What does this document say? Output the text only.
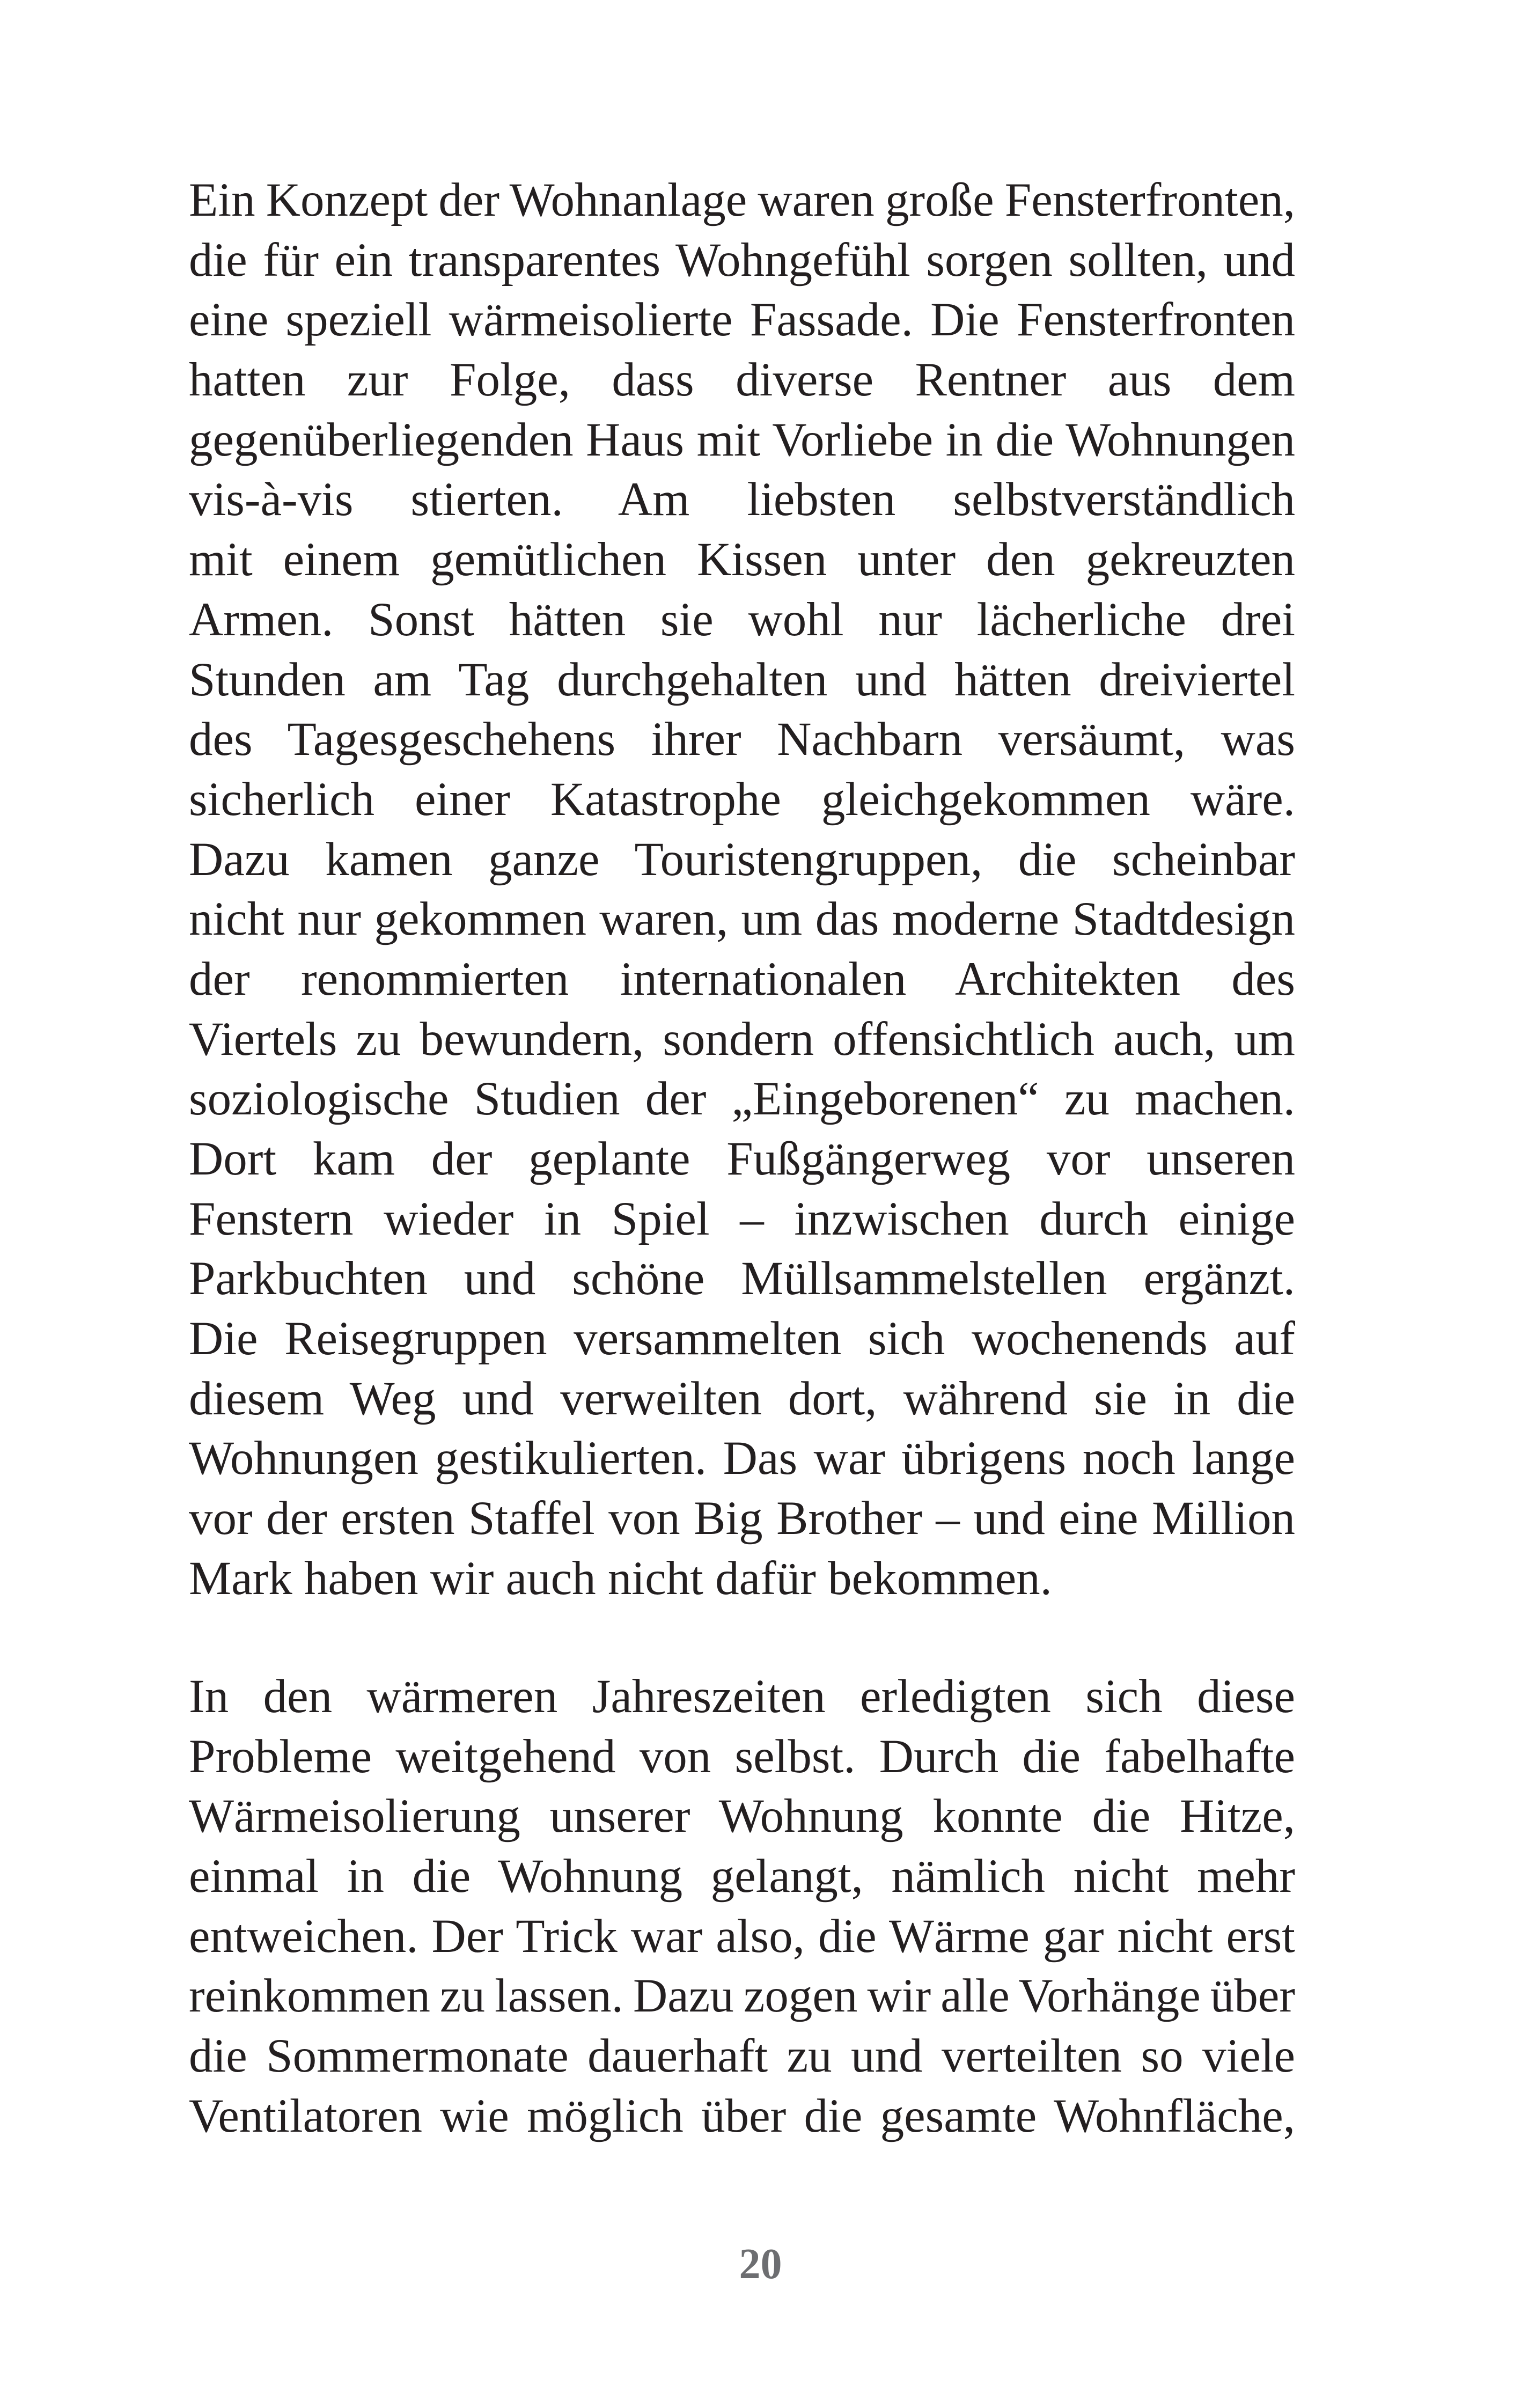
Ein Konzept der Wohnanlage waren große Fensterfronten,
die für ein transparentes Wohngefühl sorgen sollten, und
eine speziell wärmeisolierte Fassade. Die Fensterfronten
hatten zur Folge, dass diverse Rentner aus dem
gegenüberliegenden Haus mit Vorliebe in die Wohnungen
vis-à-vis stierten. Am liebsten selbstverständlich
mit einem gemütlichen Kissen unter den gekreuzten
Armen. Sonst hätten sie wohl nur lächerliche drei
Stunden am Tag durchgehalten und hätten dreiviertel
des Tagesgeschehens ihrer Nachbarn versäumt, was
sicherlich einer Katastrophe gleichgekommen wäre.
Dazu kamen ganze Touristengruppen, die scheinbar
nicht nur gekommen waren, um das moderne Stadtdesign
der renommierten internationalen Architekten des
Viertels zu bewundern, sondern offensichtlich auch, um
soziologische Studien der „Eingeborenen“ zu machen.
Dort kam der geplante Fußgängerweg vor unseren
Fenstern wieder in Spiel – inzwischen durch einige
Parkbuchten und schöne Müllsammelstellen ergänzt.
Die Reisegruppen versammelten sich wochenends auf
diesem Weg und verweilten dort, während sie in die
Wohnungen gestikulierten. Das war übrigens noch lange
vor der ersten Staffel von Big Brother – und eine Million
Mark haben wir auch nicht dafür bekommen.
In den wärmeren Jahreszeiten erledigten sich diese
Probleme weitgehend von selbst. Durch die fabelhafte
Wärmeisolierung unserer Wohnung konnte die Hitze,
einmal in die Wohnung gelangt, nämlich nicht mehr
entweichen. Der Trick war also, die Wärme gar nicht erst
reinkommen zu lassen. Dazu zogen wir alle Vorhänge über
die Sommermonate dauerhaft zu und verteilten so viele
Ventilatoren wie möglich über die gesamte Wohnfläche,
20
